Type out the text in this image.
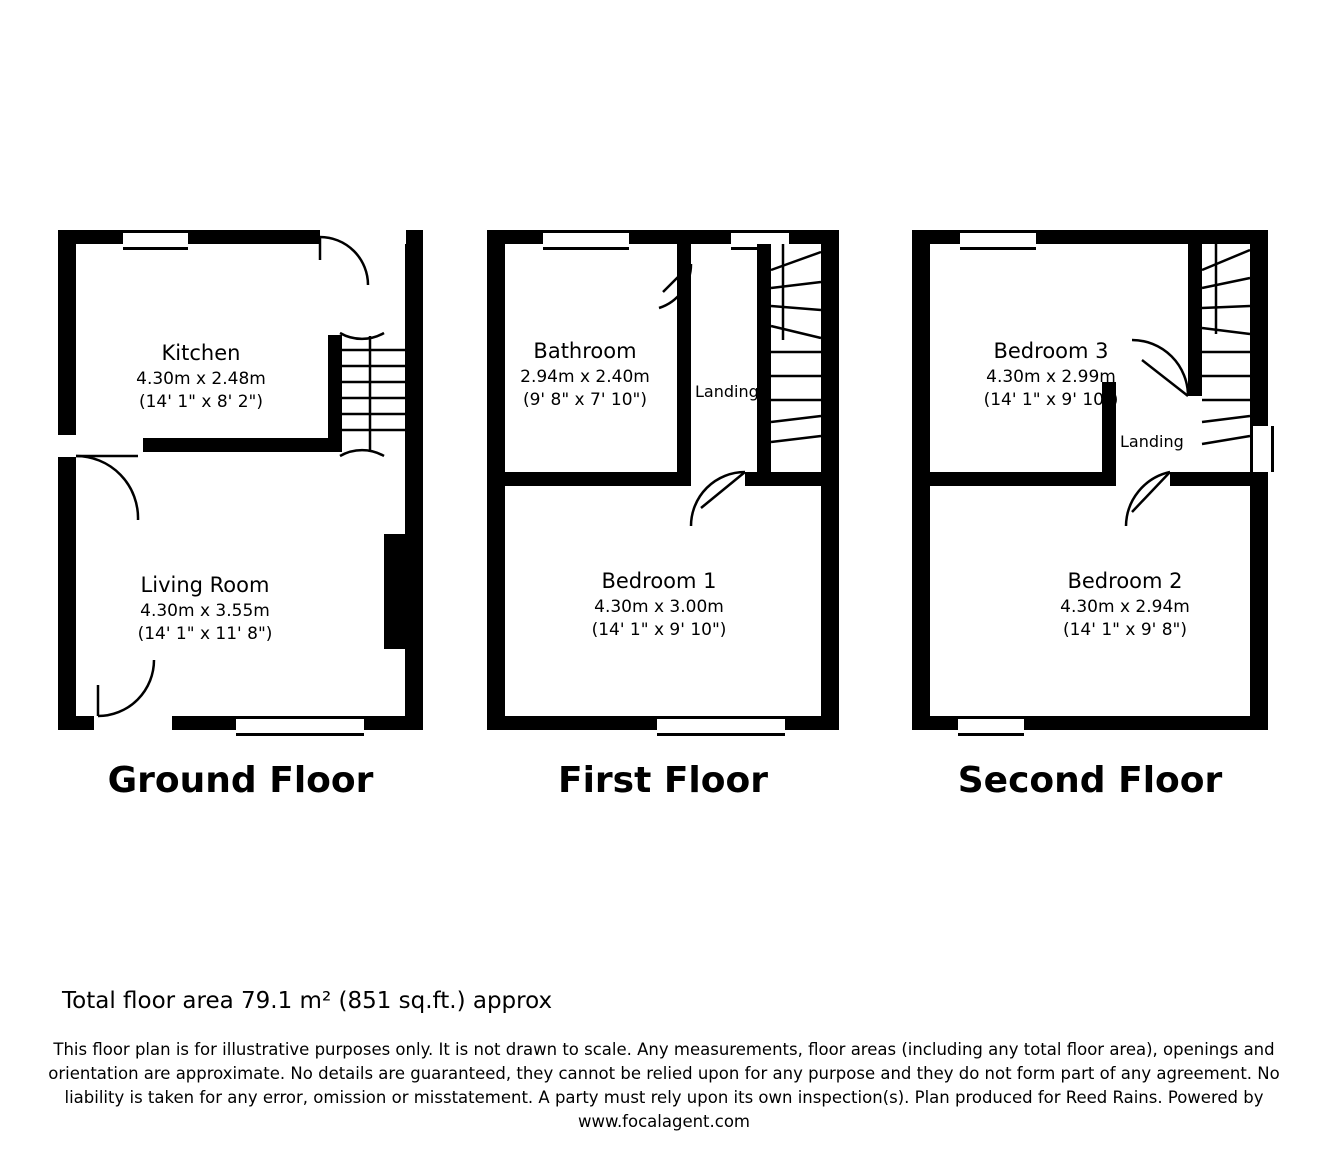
Kitchen
4.30m x 2.48m
(14' 1" x 8' 2")
Living Room
4.30m x 3.55m
(14' 1" x 11' 8")
Ground Floor
Bathroom
2.94m x 2.40m
(9' 8" x 7' 10")	Landing
Bedroom 1
4.30m x 3.00m
(14' 1" x 9' 10")
First Floor
Bedroom 3
4.30m x 2.99m
(14' 1" x 9' 10")
Landing
Bedroom 2
4.30m x 2.94m
(14' 1" x 9' 8")
Second Floor
Total floor area 79.1 m² (851 sq.ft.) approx
This floor plan is for illustrative purposes only. It is not drawn to scale. Any measurements, floor areas (including any total floor area), openings and orientation are approximate. No details are guaranteed, they cannot be relied upon for any purpose and they do not form part of any agreement. No liability is taken for any error, omission or misstatement. A party must rely upon its own inspection(s). Plan produced for Reed Rains. Powered by www.focalagent.com
